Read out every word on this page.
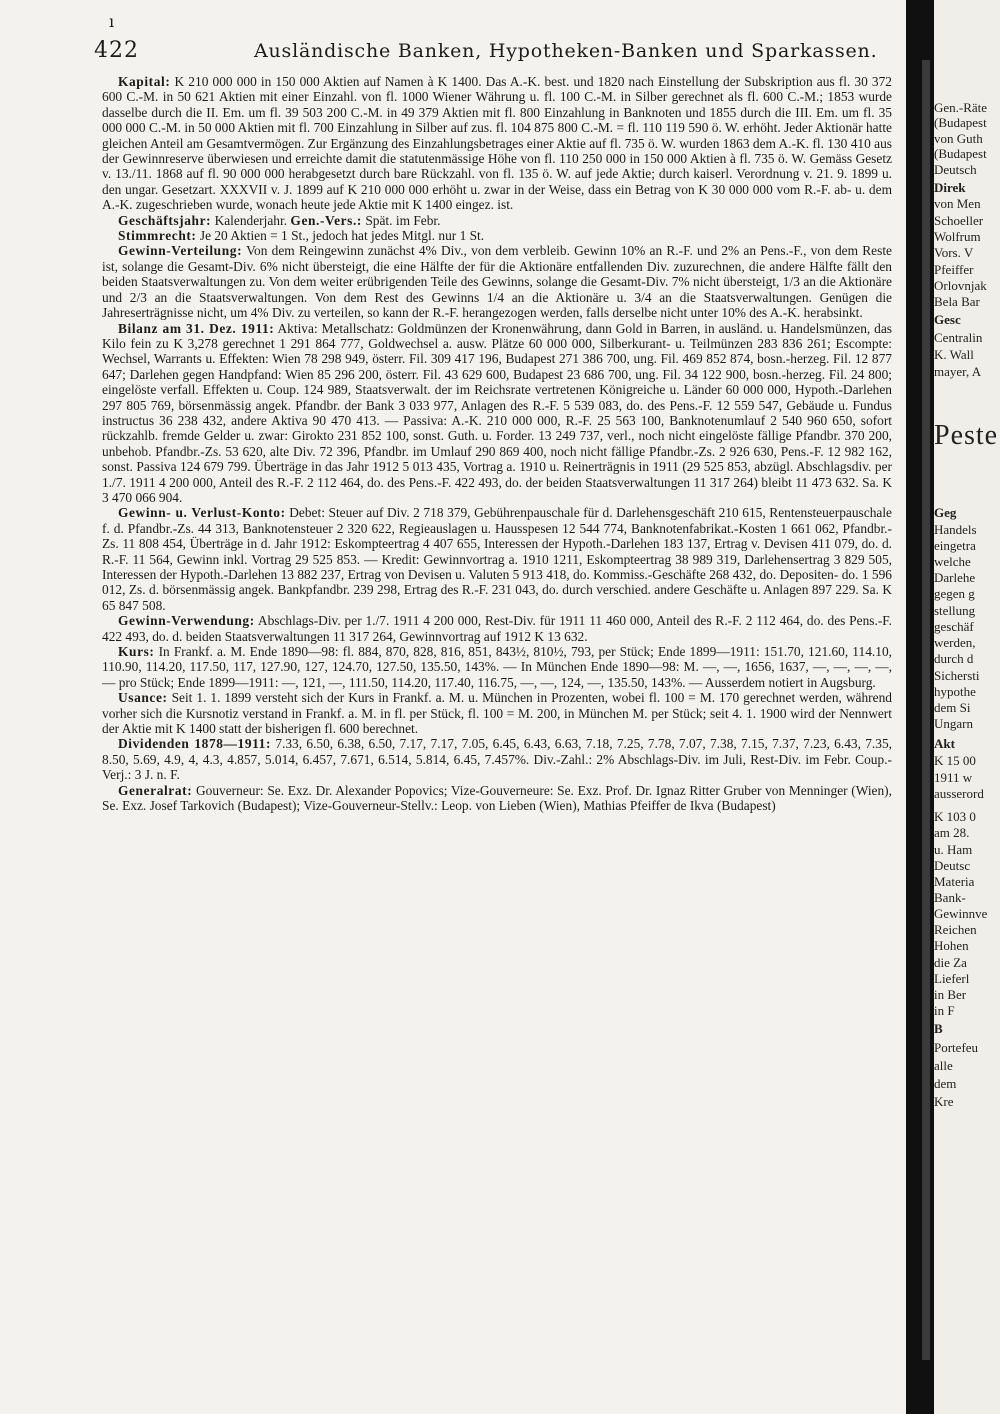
ı
422	Ausländische Banken, Hypotheken-Banken und Sparkassen.

Kapital: K 210 000 000 in 150 000 Aktien auf Namen à K 1400. Das A.-K. best. und 1820 nach Einstellung der Subskription aus fl. 30 372 600 C.-M. in 50 621 Aktien mit einer Einzahl. von fl. 1000 Wiener Währung u. fl. 100 C.-M. in Silber gerechnet als fl. 600 C.-M.; 1853 wurde dasselbe durch die II. Em. um fl. 39 503 200 C.-M. in 49 379 Aktien mit fl. 800 Einzahlung in Banknoten und 1855 durch die III. Em. um fl. 35 000 000 C.-M. in 50 000 Aktien mit fl. 700 Einzahlung in Silber auf zus. fl. 104 875 800 C.-M. = fl. 110 119 590 ö. W. erhöht. Jeder Aktionär hatte gleichen Anteil am Gesamtvermögen. Zur Ergänzung des Einzahlungsbetrages einer Aktie auf fl. 735 ö. W. wurden 1863 dem A.-K. fl. 130 410 aus der Gewinnreserve überwiesen und erreichte damit die statutenmässige Höhe von fl. 110 250 000 in 150 000 Aktien à fl. 735 ö. W. Gemäss Gesetz v. 13./11. 1868 auf fl. 90 000 000 herabgesetzt durch bare Rückzahl. von fl. 135 ö. W. auf jede Aktie; durch kaiserl. Verordnung v. 21. 9. 1899 u. den ungar. Gesetzart. XXXVII v. J. 1899 auf K 210 000 000 erhöht u. zwar in der Weise, dass ein Betrag von K 30 000 000 vom R.-F. ab- u. dem A.-K. zugeschrieben wurde, wonach heute jede Aktie mit K 1400 eingez. ist.

Geschäftsjahr: Kalenderjahr. Gen.-Vers.: Spät. im Febr.

Stimmrecht: Je 20 Aktien = 1 St., jedoch hat jedes Mitgl. nur 1 St.

Gewinn-Verteilung: Von dem Reingewinn zunächst 4% Div., von dem verbleib. Gewinn 10% an R.-F. und 2% an Pens.-F., von dem Reste ist, solange die Gesamt-Div. 6% nicht übersteigt, die eine Hälfte der für die Aktionäre entfallenden Div. zuzurechnen, die andere Hälfte fällt den beiden Staatsverwaltungen zu. Von dem weiter erübrigenden Teile des Gewinns, solange die Gesamt-Div. 7% nicht übersteigt, 1/3 an die Aktionäre und 2/3 an die Staatsverwaltungen. Von dem Rest des Gewinns 1/4 an die Aktionäre u. 3/4 an die Staatsverwaltungen. Genügen die Jahreserträgnisse nicht, um 4% Div. zu verteilen, so kann der R.-F. herangezogen werden, falls derselbe nicht unter 10% des A.-K. herabsinkt.

Bilanz am 31. Dez. 1911: Aktiva: Metallschatz: Goldmünzen der Kronenwährung, dann Gold in Barren, in ausländ. u. Handelsmünzen, das Kilo fein zu K 3,278 gerechnet 1 291 864 777, Goldwechsel a. ausw. Plätze 60 000 000, Silberkurant- u. Teilmünzen 283 836 261; Escompte: Wechsel, Warrants u. Effekten: Wien 78 298 949, österr. Fil. 309 417 196, Budapest 271 386 700, ung. Fil. 469 852 874, bosn.-herzeg. Fil. 12 877 647; Darlehen gegen Handpfand: Wien 85 296 200, österr. Fil. 43 629 600, Budapest 23 686 700, ung. Fil. 34 122 900, bosn.-herzeg. Fil. 24 800; eingelöste verfall. Effekten u. Coup. 124 989, Staatsverwalt. der im Reichsrate vertretenen Königreiche u. Länder 60 000 000, Hypoth.-Darlehen 297 805 769, börsenmässig angek. Pfandbr. der Bank 3 033 977, Anlagen des R.-F. 5 539 083, do. des Pens.-F. 12 559 547, Gebäude u. Fundus instructus 36 238 432, andere Aktiva 90 470 413. — Passiva: A.-K. 210 000 000, R.-F. 25 563 100, Banknotenumlauf 2 540 960 650, sofort rückzahlb. fremde Gelder u. zwar: Girokto 231 852 100, sonst. Guth. u. Forder. 13 249 737, verl., noch nicht eingelöste fällige Pfandbr. 370 200, unbehob. Pfandbr.-Zs. 53 620, alte Div. 72 396, Pfandbr. im Umlauf 290 869 400, noch nicht fällige Pfandbr.-Zs. 2 926 630, Pens.-F. 12 982 162, sonst. Passiva 124 679 799. Überträge in das Jahr 1912 5 013 435, Vortrag a. 1910 u. Reinerträgnis in 1911 (29 525 853, abzügl. Abschlagsdiv. per 1./7. 1911 4 200 000, Anteil des R.-F. 2 112 464, do. des Pens.-F. 422 493, do. der beiden Staatsverwaltungen 11 317 264) bleibt 11 473 632. Sa. K 3 470 066 904.

Gewinn- u. Verlust-Konto: Debet: Steuer auf Div. 2 718 379, Gebührenpauschale für d. Darlehensgeschäft 210 615, Rentensteuerpauschale f. d. Pfandbr.-Zs. 44 313, Banknotensteuer 2 320 622, Regieauslagen u. Hausspesen 12 544 774, Banknotenfabrikat.-Kosten 1 661 062, Pfandbr.-Zs. 11 808 454, Überträge in d. Jahr 1912: Eskompteertrag 4 407 655, Interessen der Hypoth.-Darlehen 183 137, Ertrag v. Devisen 411 079, do. d. R.-F. 11 564, Gewinn inkl. Vortrag 29 525 853. — Kredit: Gewinnvortrag a. 1910 1211, Eskompteertrag 38 989 319, Darlehensertrag 3 829 505, Interessen der Hypoth.-Darlehen 13 882 237, Ertrag von Devisen u. Valuten 5 913 418, do. Kommiss.-Geschäfte 268 432, do. Depositen- do. 1 596 012, Zs. d. börsenmässig angek. Bankpfandbr. 239 298, Ertrag des R.-F. 231 043, do. durch verschied. andere Geschäfte u. Anlagen 897 229. Sa. K 65 847 508.

Gewinn-Verwendung: Abschlags-Div. per 1./7. 1911 4 200 000, Rest-Div. für 1911 11 460 000, Anteil des R.-F. 2 112 464, do. des Pens.-F. 422 493, do. d. beiden Staatsverwaltungen 11 317 264, Gewinnvortrag auf 1912 K 13 632.

Kurs: In Frankf. a. M. Ende 1890—98: fl. 884, 870, 828, 816, 851, 843½, 810½, 793, per Stück; Ende 1899—1911: 151.70, 121.60, 114.10, 110.90, 114.20, 117.50, 117, 127.90, 127, 124.70, 127.50, 135.50, 143%. — In München Ende 1890—98: M. —, —, 1656, 1637, —, —, —, —, — pro Stück; Ende 1899—1911: —, 121, —, 111.50, 114.20, 117.40, 116.75, —, —, 124, —, 135.50, 143%. — Ausserdem notiert in Augsburg.

Usance: Seit 1. 1. 1899 versteht sich der Kurs in Frankf. a. M. u. München in Prozenten, wobei fl. 100 = M. 170 gerechnet werden, während vorher sich die Kursnotiz verstand in Frankf. a. M. in fl. per Stück, fl. 100 = M. 200, in München M. per Stück; seit 4. 1. 1900 wird der Nennwert der Aktie mit K 1400 statt der bisherigen fl. 600 berechnet.

Dividenden 1878—1911: 7.33, 6.50, 6.38, 6.50, 7.17, 7.17, 7.05, 6.45, 6.43, 6.63, 7.18, 7.25, 7.78, 7.07, 7.38, 7.15, 7.37, 7.23, 6.43, 7.35, 8.50, 5.69, 4.9, 4, 4.3, 4.857, 5.014, 6.457, 7.671, 6.514, 5.814, 6.45, 7.457%. Div.-Zahl.: 2% Abschlags-Div. im Juli, Rest-Div. im Febr. Coup.-Verj.: 3 J. n. F.

Generalrat: Gouverneur: Se. Exz. Dr. Alexander Popovics; Vize-Gouverneure: Se. Exz. Prof. Dr. Ignaz Ritter Gruber von Menninger (Wien), Se. Exz. Josef Tarkovich (Budapest); Vize-Gouverneur-Stellv.: Leop. von Lieben (Wien), Mathias Pfeiffer de Ikva (Budapest)

Gen.-Räte
(Budapest
von Guth
(Budapest
Deutsch
Direk
von Men
Schoeller
Wolfrum
Vors. V
Pfeiffer
Orlovnjak
Bela Bar
Gesc
Centralin
K. Wall
mayer, A
Peste
Geg
Handels
eingetra
welche
Darlehe
gegen g
stellung
geschäf
werden,
durch d
Sichersti
hypothe
dem Si
Ungarn
Akt
K 15 00
1911 w
ausserord
K 103 0
am 28.
u. Ham
Deutsc
Materia
Bank-
Gewinnve
Reichen
Hohen
die Za
Lieferl
in Ber
in F
B
Portefeu
alle
dem
Kre
